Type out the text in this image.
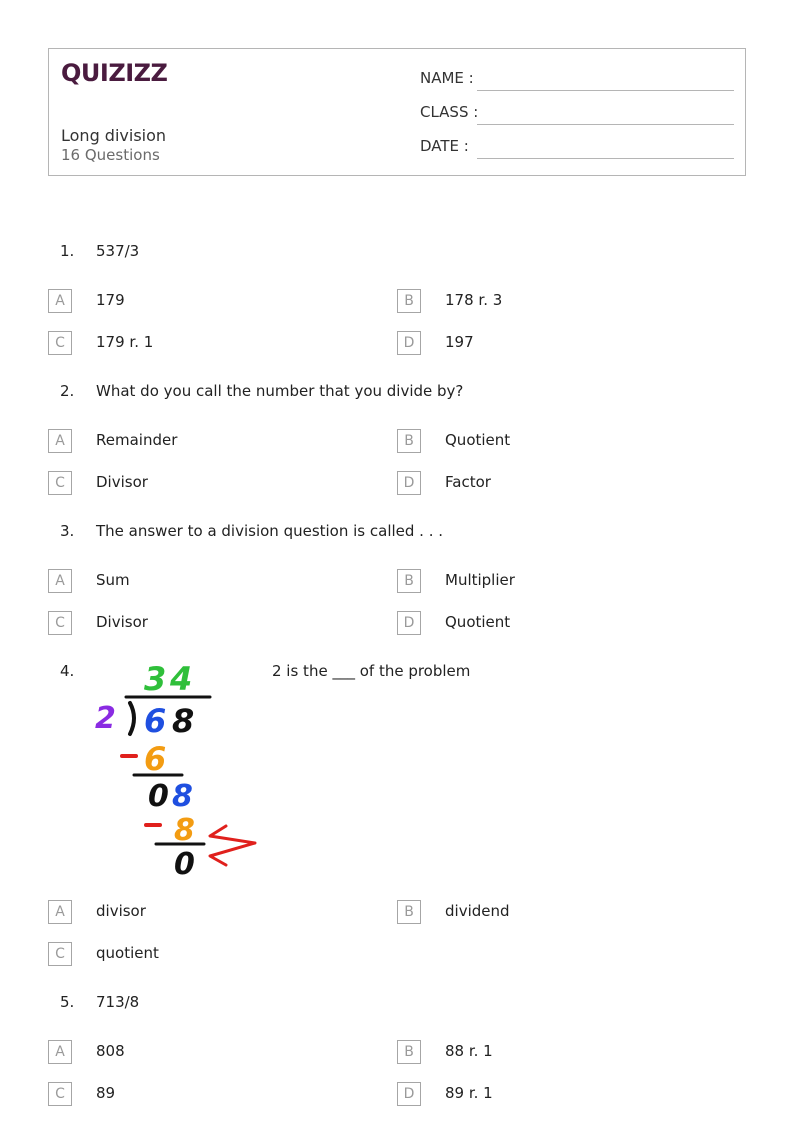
QUIZIZZ
Long division
16 Questions
NAME :
CLASS :
DATE :
1. 537/3
A	179	B	178 r. 3
C	179 r. 1	D	197
2. What do you call the number that you divide by?
A	Remainder	B	Quotient
C	Divisor	D	Factor
3. The answer to a division question is called . . .
A	Sum	B	Multiplier
C	Divisor	D	Quotient
4.	2 is the ___ of the problem
3 4
2 6 8
6
0 8
8
0
A	divisor	B	dividend
C	quotient
5. 713/8
A	808	B	88 r. 1
C	89	D	89 r. 1
